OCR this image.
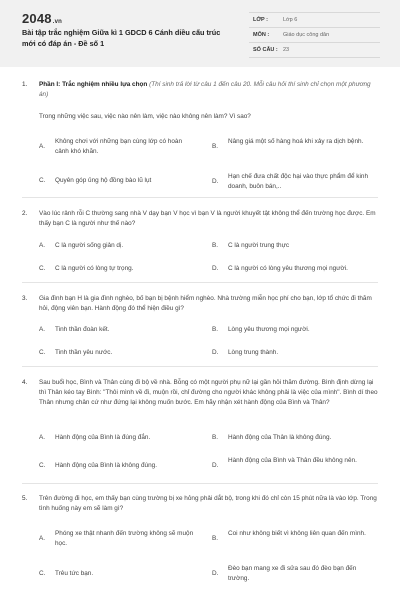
2048.vn
Bài tập trắc nghiệm Giữa kì 1 GDCD 6 Cánh diều cấu trúc mới có đáp án - Đề số 1
LỚP :	Lớp 6
MÔN :	Giáo dục công dân
SỐ CÂU : 23
1. Phần I: Trắc nghiệm nhiều lựa chọn (Thí sinh trả lời từ câu 1 đến câu 20. Mỗi câu hỏi thí sinh chỉ chọn một phương án)
Trong những việc sau, việc nào nên làm, việc nào không nên làm? Vì sao?
A.
Không chơi với những bạn cùng lớp có hoàn cảnh khó khăn.
B.
Nâng giá một số hàng hoá khi xảy ra dịch bệnh.
C. Quyên góp ủng hộ đồng bào lũ lụt	D.
Hạn chế đưa chất độc hại vào thực phẩm để kinh doanh, buôn bán,..
2. Vào lúc rảnh rỗi C thường sang nhà V dạy bạn V học vì bạn V là người khuyết tật không thể đến trường học được. Em thấy bạn C là người như thế nào?
A. C là người sống giản dị.	B. C là người trung thực
C. C là người có lòng tự trọng.	D. C là người có lòng yêu thương mọi người.
3. Gia đình bạn H là gia đình nghèo, bố bạn bị bệnh hiểm nghèo. Nhà trường miễn học phí cho bạn, lớp tổ chức đi thăm hỏi, động viên bạn. Hành động đó thể hiện điều gì?
A. Tinh thần đoàn kết.	B. Lòng yêu thương mọi người.
C. Tinh thần yêu nước.	D. Lòng trung thành.
4. Sau buổi học, Bình và Thân cùng đi bộ về nhà. Bỗng có một người phụ nữ lại gần hỏi thăm đường. Bình định dừng lại thì Thân kéo tay Bình: "Thôi mình về đi, muộn rồi, chỉ đường cho người khác không phải là việc của mình". Bình dí theo Thân nhưng chân cứ như đứng lại không muốn bước. Em hãy nhận xét hành động của Bình và Thân?
A. Hành động của Bình là đúng đắn.	B. Hành động của Thân là không đúng.
C. Hành động của Bình là không đúng.	D.
Hành động của Bình và Thân đều không nên.
5. Trên đường đi học, em thấy bạn cùng trường bị xe hỏng phải dắt bộ, trong khi đó chỉ còn 15 phút nữa là vào lớp. Trong tình huống này em sẽ làm gì?
A.
Phóng xe thật nhanh đến trường không sẽ muộn học.
B.
Coi như không biết vì không liên quan đến mình.
C. Trêu tức bạn.	D.
Đèo bạn mang xe đi sửa sau đó đèo bạn đến trường.
